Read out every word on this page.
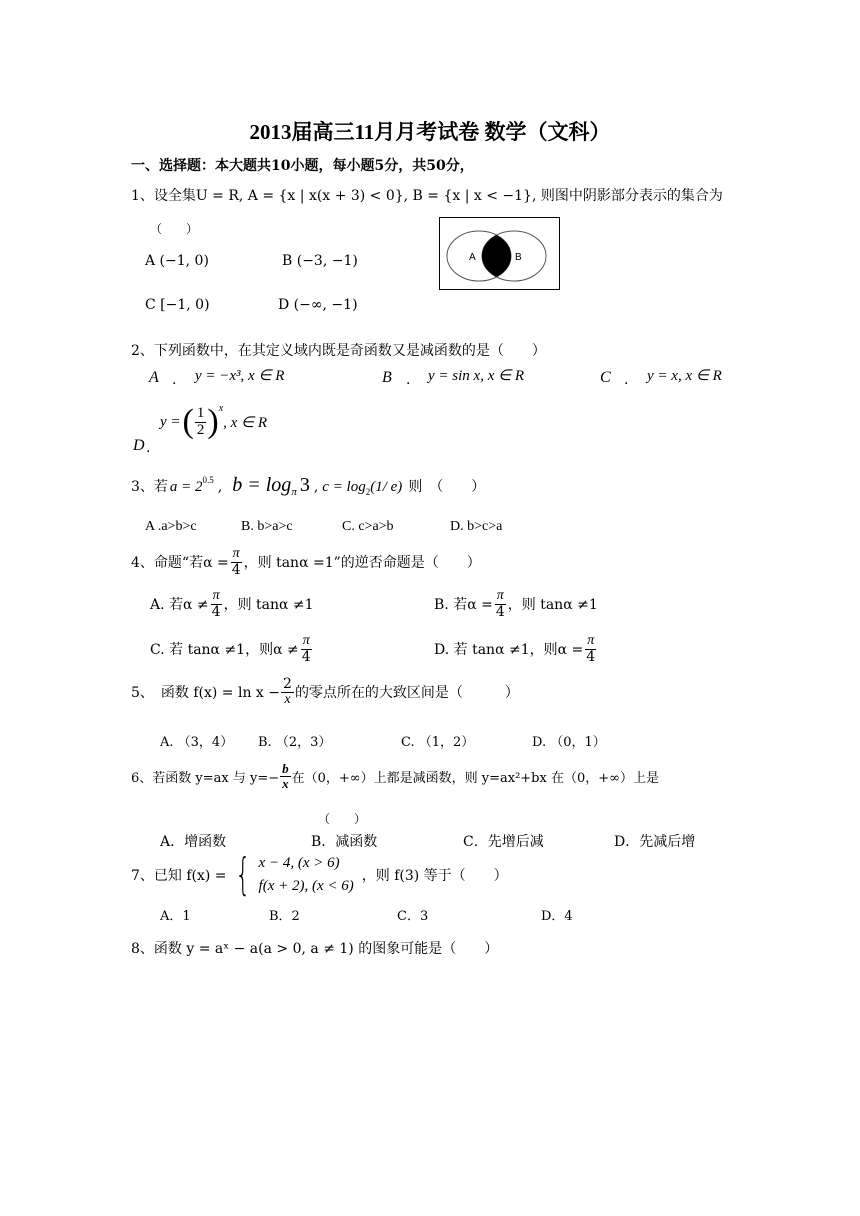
2013届高三11月月考试卷 数学（文科）
一、选择题：本大题共10小题，每小题5分，共50分，
1、设全集U = R, A = {x | x(x + 3) < 0}, B = {x | x < −1}, 则图中阴影部分表示的集合为
（　　）
A (−1, 0)	B (−3, −1)
C [−1, 0)	D (−∞, −1)
A	B
2、下列函数中，在其定义域内既是奇函数又是减函数的是（　　）
A . y = −x³, x ∈ R	B . y = sin x, x ∈ R	C . y = x, x ∈ R
D .
y = ( $\frac{1}{2}$ ) x
, x ∈ R
3、若 a = 2 0.5 , b = log π 3 , c = log 2 (1/ e) 则　（　　）
A .a>b>c	B. b>a>c	C. c>a>b	D. b>c>a
4、命题“若$\alpha = \frac{\pi}{4}$ ，则 tanα =1”的逆否命题是（　　）
A. 若$\alpha \ne \frac{\pi}{4}$ ，则 tanα ≠1	B. 若$\alpha = \frac{\pi}{4}$ ，则 tanα ≠1
C. 若 tanα ≠1，则$\alpha \ne \frac{\pi}{4}$	D. 若 tanα ≠1，则$\alpha = \frac{\pi}{4}$
5、　函数 $f(x) = \ln x - \frac{2}{x}$ 的零点所在的大致区间是（　　　）
A. （3，4） B. （2，3）	C. （1，2）	D. （0，1）
6、若函数 y=ax 与 $y=- \frac{b}{x}$ 在（0，+∞）上都是减函数，则 y=ax²+bx 在（0，+∞）上是
（　　）
A．增函数	B．减函数	C．先增后减	D．先减后增
7、已知 f(x) = { x − 4, (x > 6)
f(x + 2), (x < 6)
，则 f(3) 等于（　　）
A．1	B．2	C．3	D．4
8、函数 y = aˣ − a(a > 0, a ≠ 1) 的图象可能是（　　）
